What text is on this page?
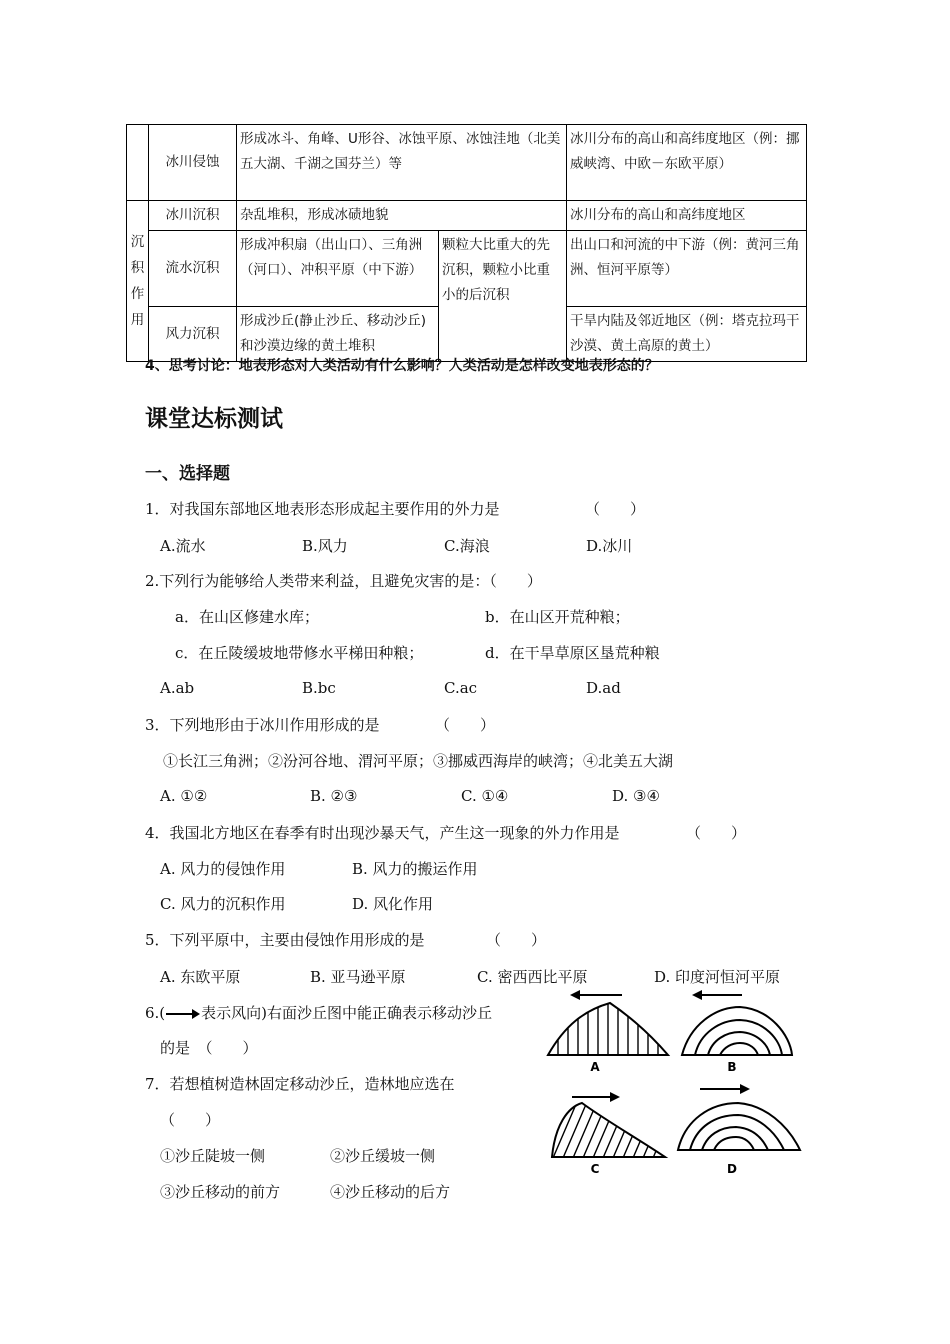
	冰川侵蚀	形成冰斗、角峰、U形谷、冰蚀平原、冰蚀洼地（北美五大湖、千湖之国芬兰）等		冰川分布的高山和高纬度地区（例：挪威峡湾、中欧－东欧平原）
沉积作用	冰川沉积	杂乱堆积，形成冰碛地貌		冰川分布的高山和高纬度地区
	流水沉积	形成冲积扇（出山口）、三角洲（河口）、冲积平原（中下游）	颗粒大比重大的先沉积，颗粒小比重小的后沉积	出山口和河流的中下游（例：黄河三角洲、恒河平原等）
	风力沉积	形成沙丘(静止沙丘、移动沙丘)和沙漠边缘的黄土堆积		干旱内陆及邻近地区（例：塔克拉玛干沙漠、黄土高原的黄土）
4、思考讨论：地表形态对人类活动有什么影响？人类活动是怎样改变地表形态的？
课堂达标测试
一、选择题
1．对我国东部地区地表形态形成起主要作用的外力是	（　　）
A.流水	B.风力	C.海浪	D.冰川
2.下列行为能够给人类带来利益，且避免灾害的是：（　　）
a．在山区修建水库；	b．在山区开荒种粮；
c．在丘陵缓坡地带修水平梯田种粮；	d．在干旱草原区垦荒种粮
A.ab	B.bc	C.ac	D.ad
3．下列地形由于冰川作用形成的是	（　　）
①长江三角洲；②汾河谷地、渭河平原；③挪威西海岸的峡湾；④北美五大湖
A. ①②	B. ②③	C. ①④	D. ③④
4．我国北方地区在春季有时出现沙暴天气，产生这一现象的外力作用是	（　　）
A. 风力的侵蚀作用	B. 风力的搬运作用
C. 风力的沉积作用	D. 风化作用
5．下列平原中，主要由侵蚀作用形成的是	（　　）
A. 东欧平原	B. 亚马逊平原	C. 密西西比平原	D. 印度河恒河平原
6.( 表示风向)右面沙丘图中能正确表示移动沙丘
的是　（　　）
7．若想植树造林固定移动沙丘，造林地应选在
（　　）
①沙丘陡坡一侧	②沙丘缓坡一侧
③沙丘移动的前方	④沙丘移动的后方
A	B
C	D
